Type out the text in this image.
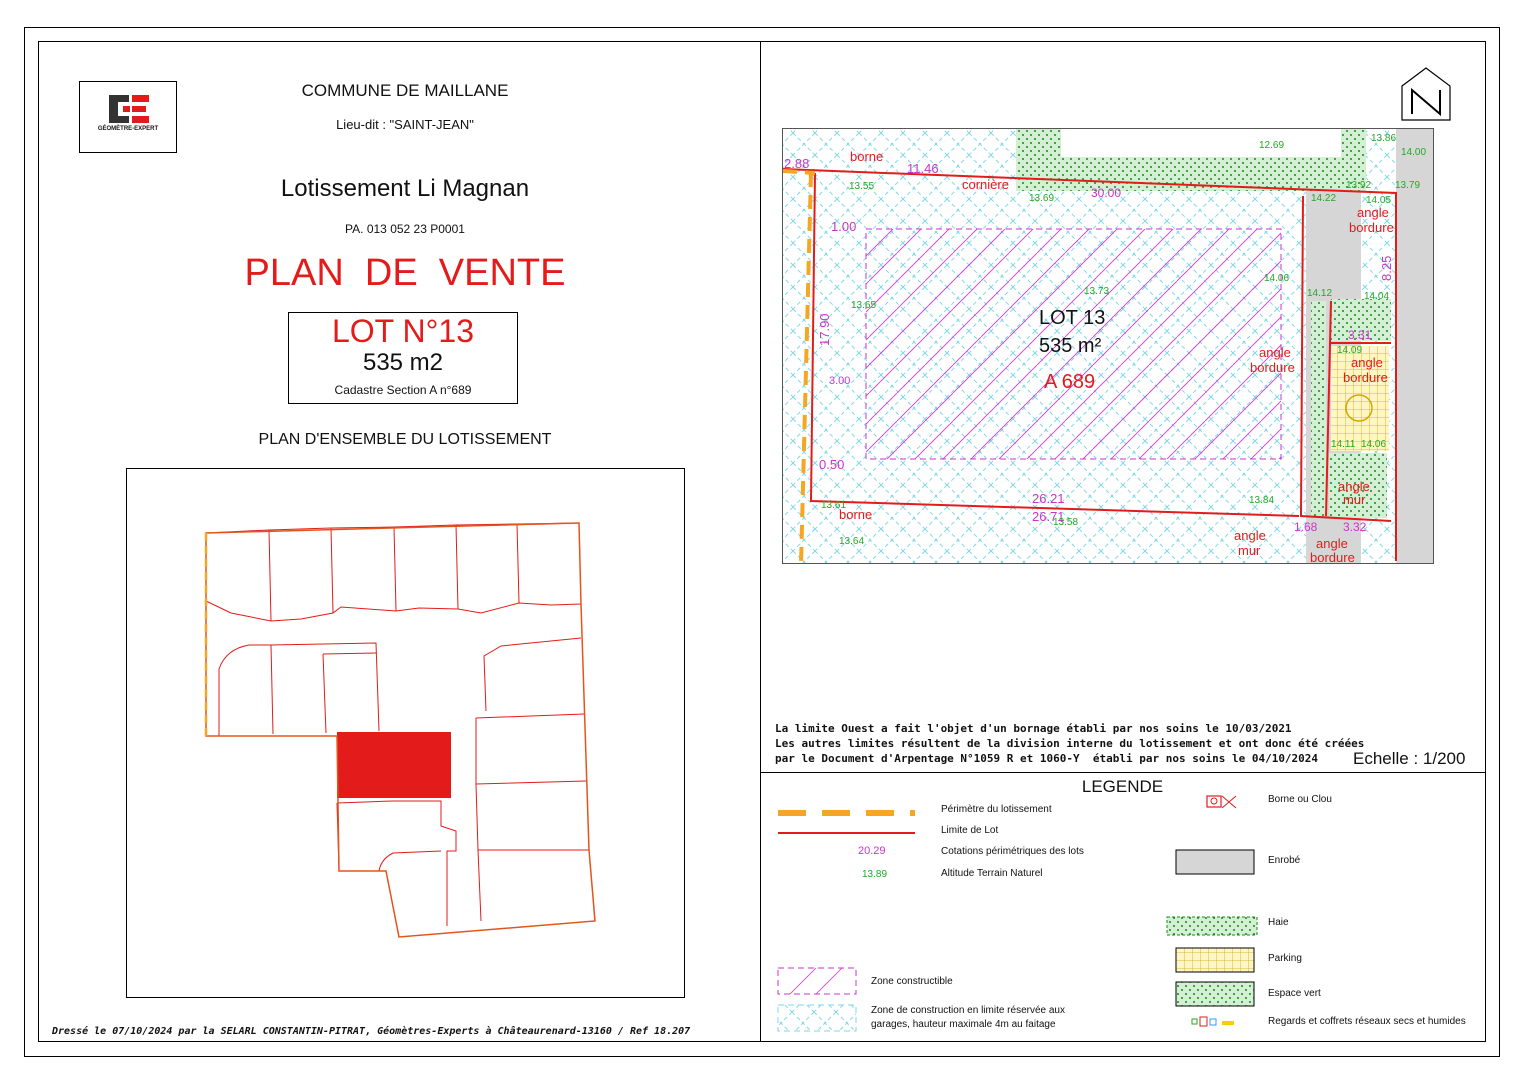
GÉOMÈTRE-EXPERT
COMMUNE DE MAILLANE
Lieu-dit : "SAINT-JEAN"
Lotissement Li Magnan
PA. 013 052 23 P0001
PLAN  DE  VENTE
LOT N°13
535 m2
Cadastre Section A n°689
PLAN D'ENSEMBLE DU LOTISSEMENT
11.46
26.21
26.71
1.00
0.50
2.88
1.68
3.31
3.32
3.00
30.00
17.90
8.25
13.55
13.73
13.65
14.06
14.12	14.04
14.09
14.11 14.06
13.84
13.58
13.61
13.64
13.69
12.69
13.86
14.00
14.05
13.92 13.79
14.22
borne
borne
cornière
angle
bordure
angle
bordure	angle
bordure
angle
mur
angle
mur	angle
bordure
LOT 13
535 m²
A 689
La limite Ouest a fait l'objet d'un bornage établi par nos soins le 10/03/2021
Les autres limites résultent de la division interne du lotissement et ont donc été créées
par le Document d'Arpentage N°1059 R et 1060-Y  établi par nos soins le 04/10/2024 Echelle : 1/200
LEGENDE
Périmètre du lotissement
Limite de Lot
20.29	Cotations périmétriques des lots
13.89	Altitude Terrain Naturel
Zone constructible
Zone de construction en limite réservée aux
garages, hauteur maximale 4m au faitage
Borne ou Clou
Enrobé
Haie
Parking
Espace vert
Regards et coffrets réseaux secs et humides
Dressé le 07/10/2024 par la SELARL CONSTANTIN-PITRAT, Géomètres-Experts à Châteaurenard-13160 / Ref 18.207
